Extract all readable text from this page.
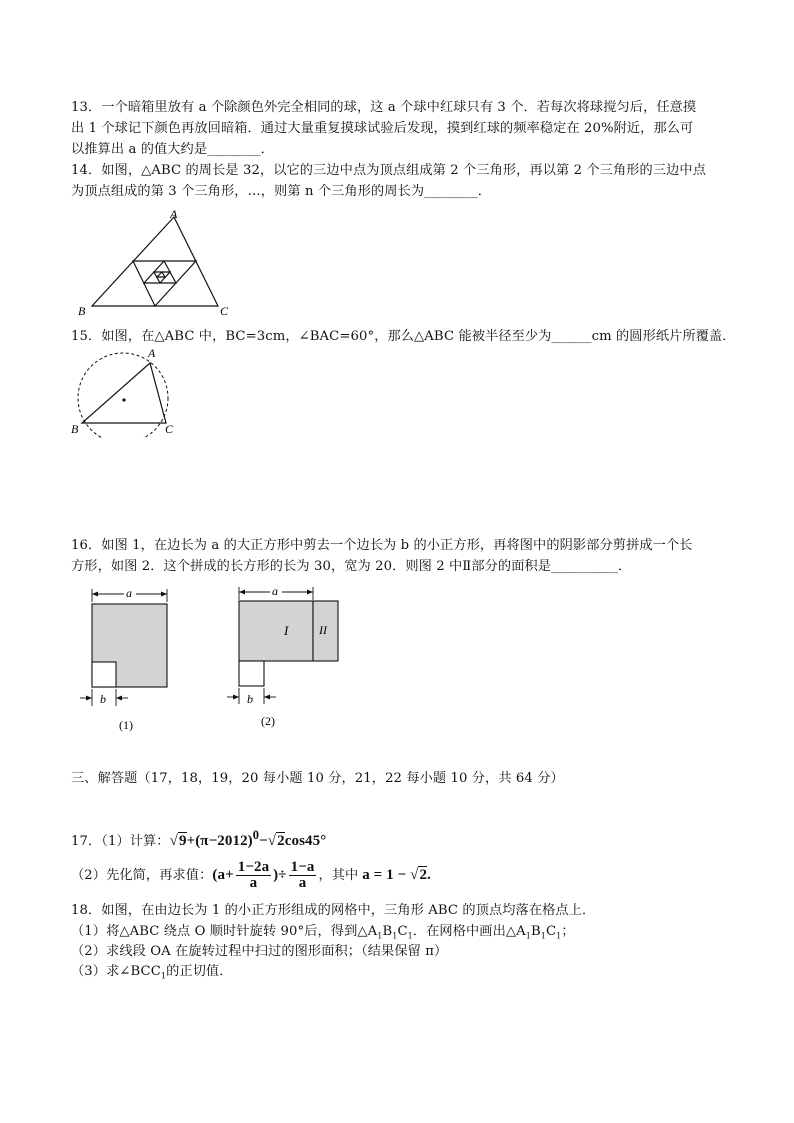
13．一个暗箱里放有 a 个除颜色外完全相同的球，这 a 个球中红球只有 3 个．若每次将球搅匀后，任意摸
出 1 个球记下颜色再放回暗箱．通过大量重复摸球试验后发现，摸到红球的频率稳定在 20%附近，那么可
以推算出 a 的值大约是________．
14．如图，△ABC 的周长是 32，以它的三边中点为顶点组成第 2 个三角形，再以第 2 个三角形的三边中点
为顶点组成的第 3 个三角形，…，则第 n 个三角形的周长为________．
A
B	C
15．如图，在△ABC 中，BC=3cm，∠BAC=60°，那么△ABC 能被半径至少为______cm 的圆形纸片所覆盖．
A
B	C
16．如图 1，在边长为 a 的大正方形中剪去一个边长为 b 的小正方形，再将图中的阴影部分剪拼成一个长
方形，如图 2．这个拼成的长方形的长为 30，宽为 20．则图 2 中Ⅱ部分的面积是__________．
a
b
(1)
a
I	II
b
(2)
三、解答题（17，18，19，20 每小题 10 分，21，22 每小题 10 分，共 64 分）
17．（1）计算：$√9+(\pi-2012)^0-√2\cos 45^\circ$
（2）先化简，再求值：($a+ \frac{1-2a}{a}$ )÷ $\frac{1-a}{a}$ ，其中 a = 1 − √2.
18．如图，在由边长为 1 的小正方形组成的网格中，三角形 ABC 的顶点均落在格点上．
（1）将△ABC 绕点 O 顺时针旋转 90°后，得到$\triangle A_1B_1C_1$．在网格中画出$\triangle A_1B_1C_1$；
（2）求线段 OA 在旋转过程中扫过的图形面积；（结果保留 π）
（3）求$\angle BCC_1$的正切值．
